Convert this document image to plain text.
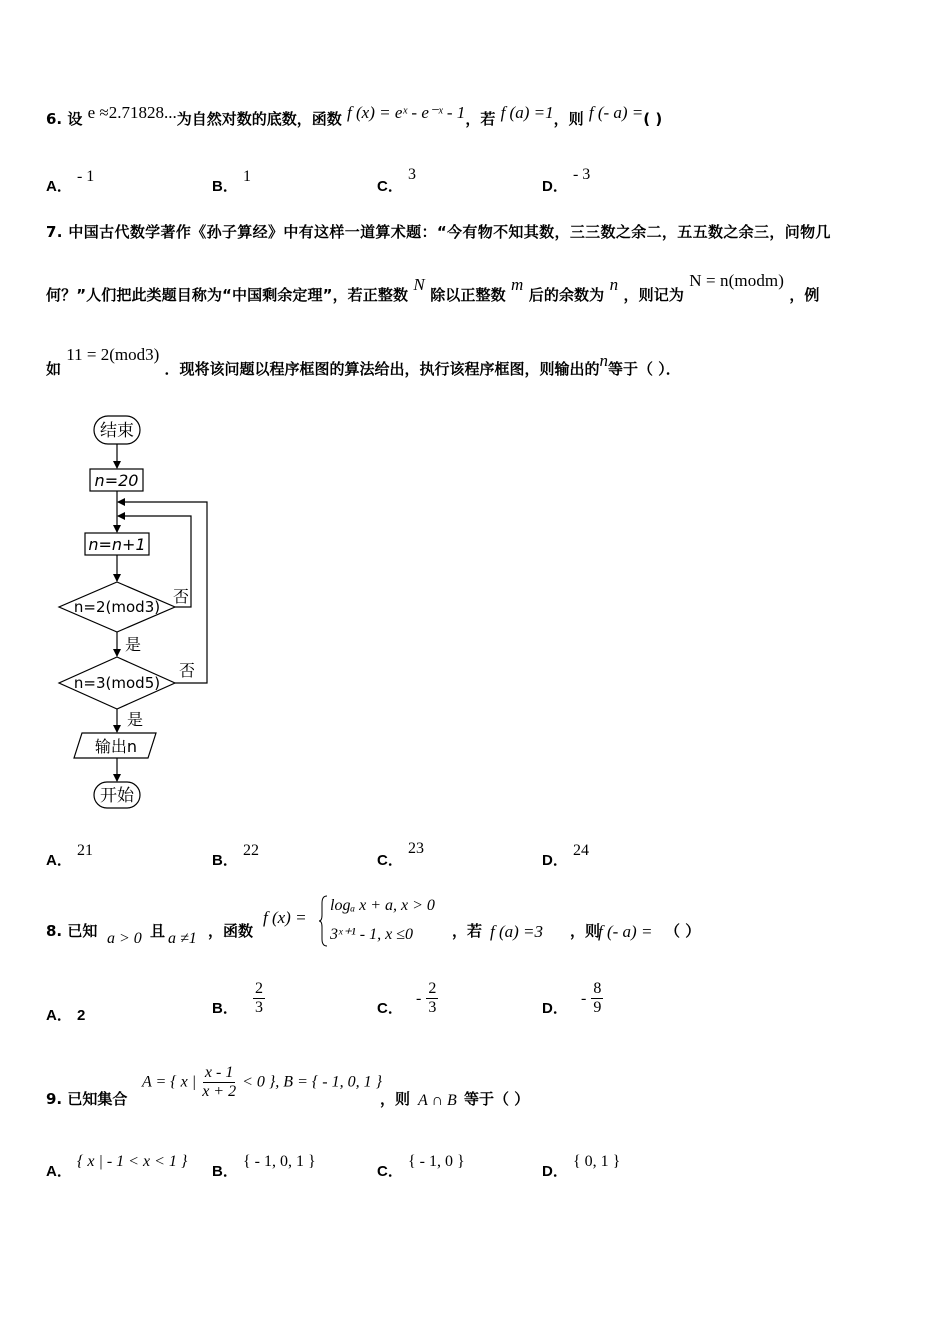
6. 设 e ≈2.71828...为自然对数的底数，函数 f (x) = eˣ - e⁻ˣ - 1，若 f (a) =1，则 f (- a) =( )
A． - 1
B． 1
C． 3
D． - 3
7. 中国古代数学著作《孙子算经》中有这样一道算术题：“今有物不知其数，三三数之余二，五五数之余三，问物几
何？”人们把此类题目称为“中国剩余定理”，若正整数 N 除以正整数 m 后的余数为 n ，则记为 N = n(modm) ，例
如 11 = 2(mod3) ．现将该问题以程序框图的算法给出，执行该程序框图，则输出的n等于（ ）．
结束
n=20
n=n+1
n=2(mod3)
否
是
n=3(mod5)
否
是
输出n
开始
A． 21
B． 22
C． 23
D． 24
8. 已知 a > 0 且 a ≠1 ，函数
f (x) =
logₐ x + a, x > 0
3ˣ⁺¹ - 1, x ≤0	，若 f (a) =3 ，则
f (- a) = （ ）
A． 2	B． $\frac{2}{3}$	C． - $\frac{2}{3}$	D． - $\frac{8}{9}$
9. 已知集合
A = { x | $\frac{x - 1}{x + 2} < 0$ }, B = { - 1, 0, 1 }
，则 A ∩ B 等于（ ）
A． { x | - 1 < x < 1 }
B． { - 1, 0, 1 }
C． { - 1, 0 }
D． { 0, 1 }
